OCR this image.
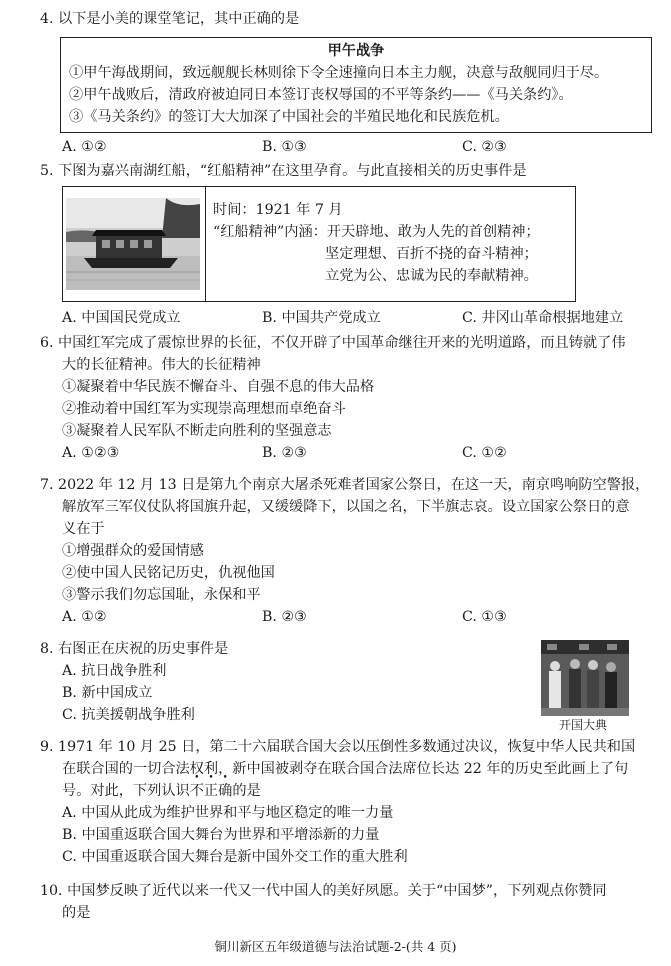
4. 以下是小美的课堂笔记，其中正确的是
甲午战争
①甲午海战期间，致远舰舰长林则徐下令全速撞向日本主力舰，决意与敌舰同归于尽。
②甲午战败后，清政府被迫同日本签订丧权辱国的不平等条约——《马关条约》。
③《马关条约》的签订大大加深了中国社会的半殖民地化和民族危机。
A. ①②	B. ①③	C. ②③
5. 下图为嘉兴南湖红船，“红船精神”在这里孕育。与此直接相关的历史事件是
时间：1921 年 7 月
“红船精神”内涵：开天辟地、敢为人先的首创精神；
坚定理想、百折不挠的奋斗精神；
立党为公、忠诚为民的奉献精神。
A. 中国国民党成立	B. 中国共产党成立	C. 井冈山革命根据地建立
6. 中国红军完成了震惊世界的长征，不仅开辟了中国革命继往开来的光明道路，而且铸就了伟
大的长征精神。伟大的长征精神
①凝聚着中华民族不懈奋斗、自强不息的伟大品格
②推动着中国红军为实现崇高理想而卓绝奋斗
③凝聚着人民军队不断走向胜利的坚强意志
A. ①②③	B. ②③	C. ①②
7. 2022 年 12 月 13 日是第九个南京大屠杀死难者国家公祭日，在这一天，南京鸣响防空警报，
解放军三军仪仗队将国旗升起，又缓缓降下，以国之名，下半旗志哀。设立国家公祭日的意
义在于
①增强群众的爱国情感
②使中国人民铭记历史，仇视他国
③警示我们勿忘国耻，永保和平
A. ①②	B. ②③	C. ①③
8. 右图正在庆祝的历史事件是
A. 抗日战争胜利
B. 新中国成立
C. 抗美援朝战争胜利
开国大典
9. 1971 年 10 月 25 日，第二十六届联合国大会以压倒性多数通过决议，恢复中华人民共和国
在联合国的一切合法权利，新中国被剥夺在联合国合法席位长达 22 年的历史至此画上了句
号。对此，下列认识不正确的是
A. 中国从此成为维护世界和平与地区稳定的唯一力量
B. 中国重返联合国大舞台为世界和平增添新的力量
C. 中国重返联合国大舞台是新中国外交工作的重大胜利
10. 中国梦反映了近代以来一代又一代中国人的美好夙愿。关于“中国梦”，下列观点你赞同
的是
铜川新区五年级道德与法治试题-2-(共 4 页)
